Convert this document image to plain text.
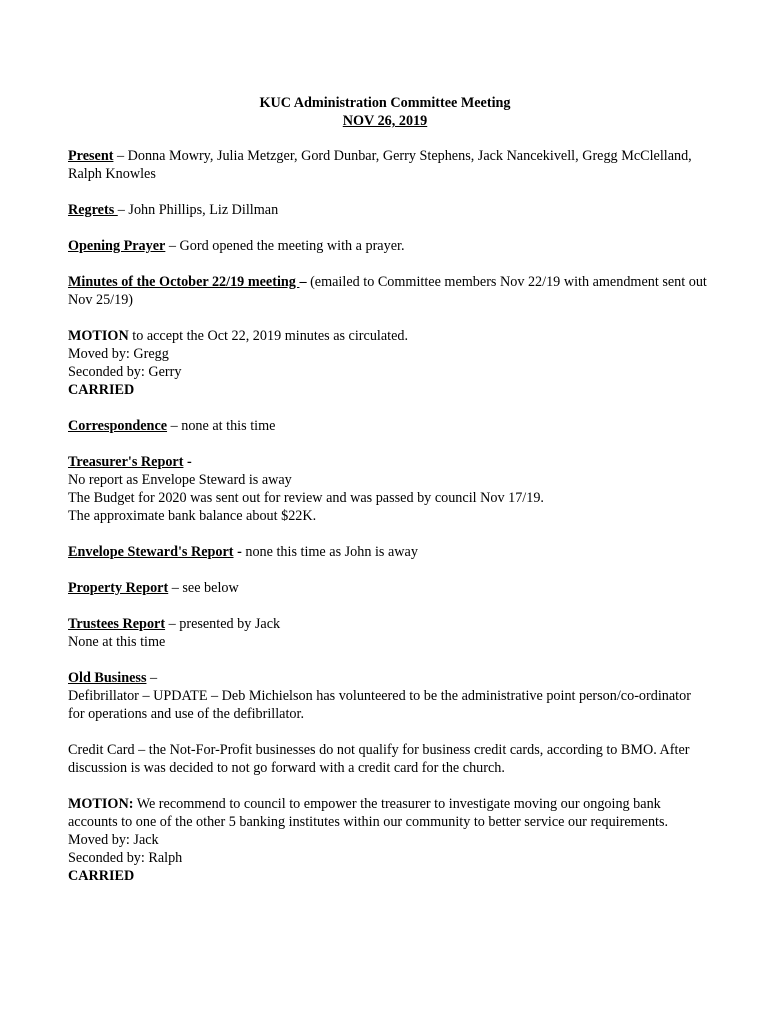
KUC Administration Committee Meeting
NOV 26, 2019

Present – Donna Mowry, Julia Metzger, Gord Dunbar, Gerry Stephens, Jack Nancekivell, Gregg McClelland, Ralph Knowles

Regrets – John Phillips, Liz Dillman

Opening Prayer – Gord opened the meeting with a prayer.

Minutes of the October 22/19 meeting – (emailed to Committee members Nov 22/19 with amendment sent out Nov 25/19)

MOTION to accept the Oct 22, 2019 minutes as circulated.
Moved by: Gregg
Seconded by: Gerry
CARRIED

Correspondence – none at this time

Treasurer's Report -
No report as Envelope Steward is away
The Budget for 2020 was sent out for review and was passed by council Nov 17/19.
The approximate bank balance about $22K.

Envelope Steward's Report - none this time as John is away

Property Report – see below

Trustees Report – presented by Jack
None at this time

Old Business –
Defibrillator – UPDATE – Deb Michielson has volunteered to be the administrative point person/co-ordinator for operations and use of the defibrillator.

Credit Card – the Not-For-Profit businesses do not qualify for business credit cards, according to BMO. After discussion is was decided to not go forward with a credit card for the church.

MOTION: We recommend to council to empower the treasurer to investigate moving our ongoing bank accounts to one of the other 5 banking institutes within our community to better service our requirements.
Moved by: Jack
Seconded by: Ralph
CARRIED
